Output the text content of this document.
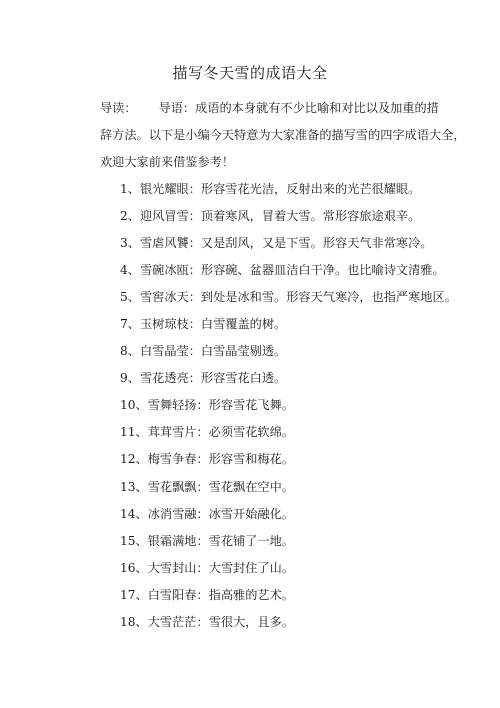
描写冬天雪的成语大全
导读： 导语：成语的本身就有不少比喻和对比以及加重的措
辞方法。以下是小编今天特意为大家准备的描写雪的四字成语大全，
欢迎大家前来借鉴参考！
1、银光耀眼：形容雪花光洁，反射出来的光芒很耀眼。
2、迎风冒雪：顶着寒风，冒着大雪。常形容旅途艰辛。
3、雪虐风饕：又是刮风，又是下雪。形容天气非常寒冷。
4、雪碗冰瓯：形容碗、盆器皿洁白干净。也比喻诗文清雅。
5、雪窖冰天：到处是冰和雪。形容天气寒冷，也指严寒地区。
7、玉树琼枝：白雪覆盖的树。
8、白雪晶莹：白雪晶莹剔透。
9、雪花透亮：形容雪花白透。
10、雪舞轻扬：形容雪花飞舞。
11、茸茸雪片：必须雪花软绵。
12、梅雪争春：形容雪和梅花。
13、雪花飘飘：雪花飘在空中。
14、冰消雪融：冰雪开始融化。
15、银霜满地：雪花铺了一地。
16、大雪封山：大雪封住了山。
17、白雪阳春：指高雅的艺术。
18、大雪茫茫：雪很大，且多。
